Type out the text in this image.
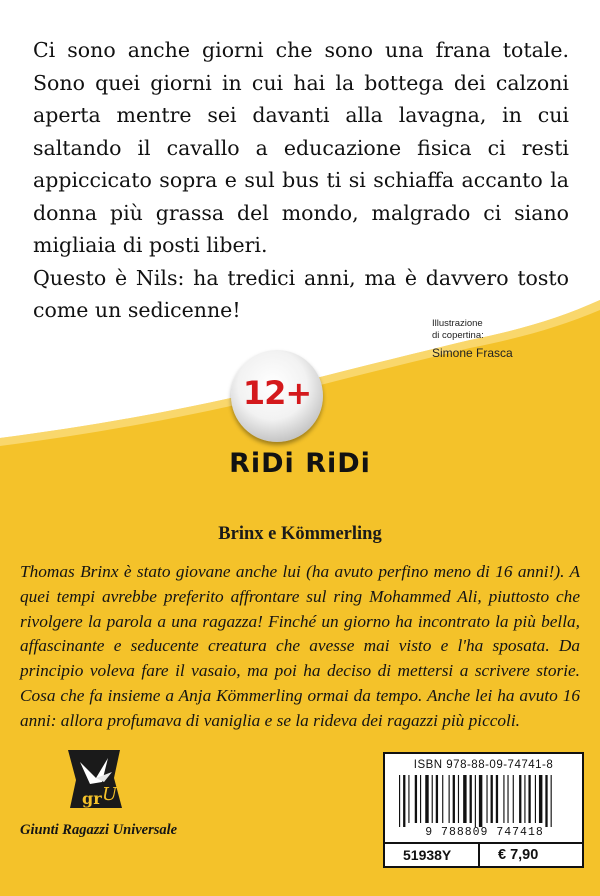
Ci sono anche giorni che sono una frana totale. Sono quei giorni in cui hai la bottega dei calzoni aperta mentre sei davanti alla lavagna, in cui saltando il cavallo a educazione fisica ci resti appiccicato sopra e sul bus ti si schiaffa accanto la donna più grassa del mondo, malgrado ci siano migliaia di posti liberi.

Questo è Nils: ha tredici anni, ma è davvero tosto come un sedicenne!

Illustrazione
di copertina:
Simone Frasca
12+
RiDi RiDi
Brinx e Kömmerling

Thomas Brinx è stato giovane anche lui (ha avuto perfino meno di 16 anni!). A quei tempi avrebbe preferito affrontare sul ring Mohammed Ali, piuttosto che rivolgere la parola a una ragazza! Finché un giorno ha incontrato la più bella, affascinante e seducente creatura che avesse mai visto e l'ha sposata. Da principio voleva fare il vasaio, ma poi ha deciso di mettersi a scrivere storie. Cosa che fa insieme a Anja Kömmerling ormai da tempo. Anche lei ha avuto 16 anni: allora profumava di vaniglia e se la rideva dei ragazzi più piccoli.

gr U
Giunti Ragazzi Universale
ISBN 978-88-09-74741-8
9 788809 747418
51938Y	€ 7,90
